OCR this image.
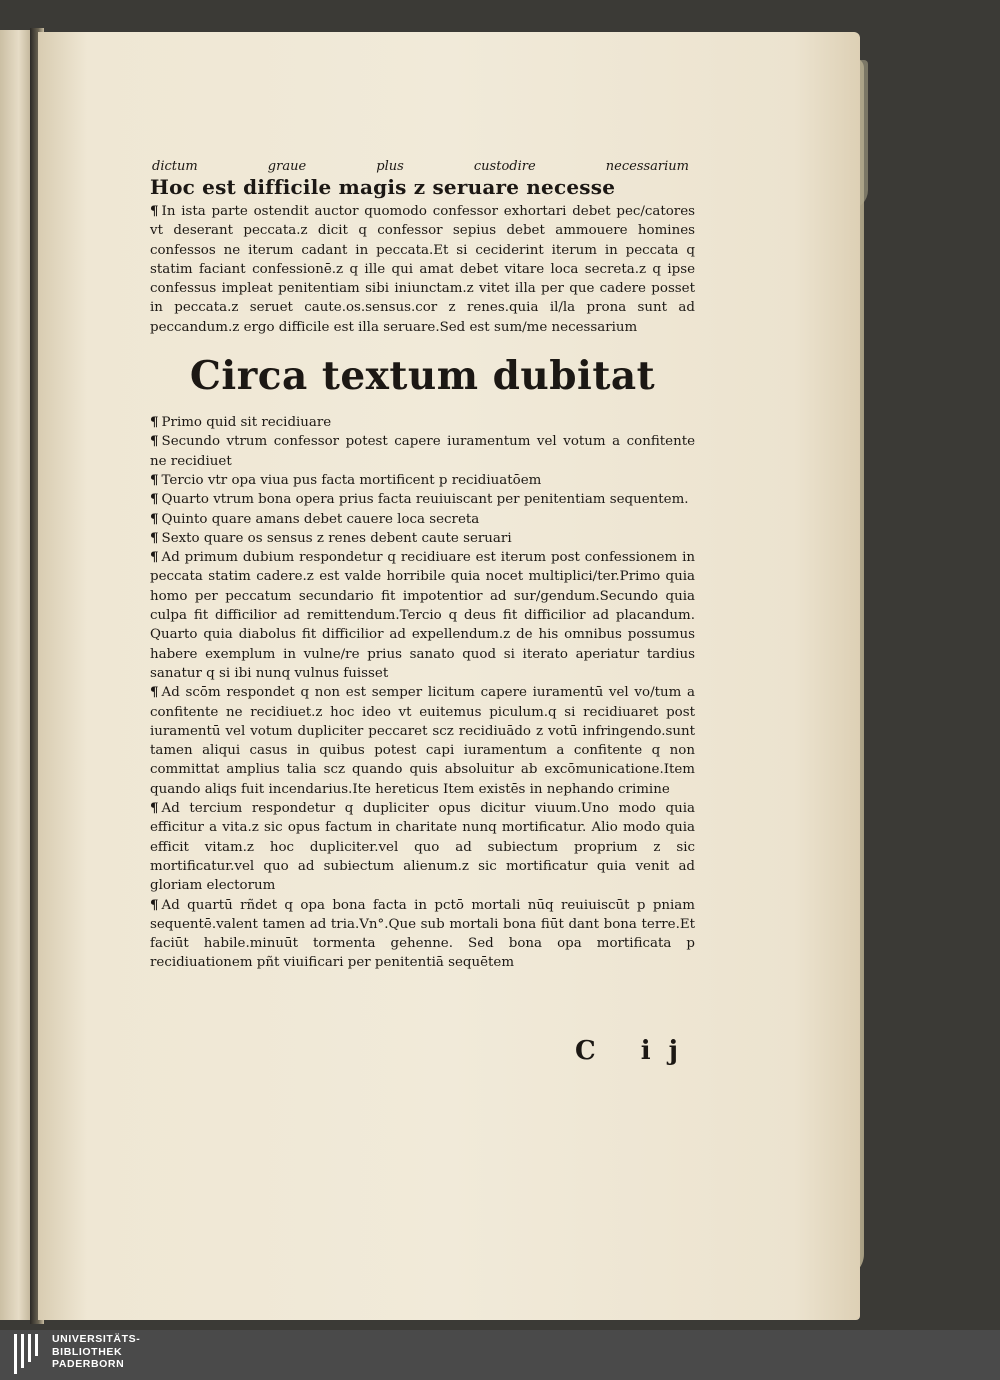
dictum	graue	plus	custodire	necessarium
Hoc est difficile magis z seruare necesse

¶ In ista parte ostendit auctor quomodo confessor exhortari debet pec/catores vt deserant peccata.z dicit q confessor sepius debet ammouere homines confessos ne iterum cadant in peccata.Et si ceciderint iterum in peccata q statim faciant confessionē.z q ille qui amat debet vitare loca secreta.z q ipse confessus impleat penitentiam sibi iniunctam.z vitet illa per que cadere posset in peccata.z seruet caute.os.sensus.cor z renes.quia il/la prona sunt ad peccandum.z ergo difficile est illa seruare.Sed est sum/me necessarium

Circa textum dubitat

¶ Primo quid sit recidiuare

¶ Secundo vtrum confessor potest capere iuramentum vel votum a confitente ne recidiuet

¶ Tercio vtr opa viua pus facta mortificent p recidiuatōem

¶ Quarto vtrum bona opera prius facta reuiuiscant per penitentiam sequentem.

¶ Quinto quare amans debet cauere loca secreta

¶ Sexto quare os sensus z renes debent caute seruari

¶ Ad primum dubium respondetur q recidiuare est iterum post confessionem in peccata statim cadere.z est valde horribile quia nocet multiplici/ter.Primo quia homo per peccatum secundario fit impotentior ad sur/gendum.Secundo quia culpa fit difficilior ad remittendum.Tercio q deus fit difficilior ad placandum. Quarto quia diabolus fit difficilior ad expellendum.z de his omnibus possumus habere exemplum in vulne/re prius sanato quod si iterato aperiatur tardius sanatur q si ibi nunq vulnus fuisset

¶ Ad scōm respondet q non est semper licitum capere iuramentū vel vo/tum a confitente ne recidiuet.z hoc ideo vt euitemus piculum.q si recidiuaret post iuramentū vel votum dupliciter peccaret scz recidiuādo z votū infringendo.sunt tamen aliqui casus in quibus potest capi iuramentum a confitente q non committat amplius talia scz quando quis absoluitur ab excōmunicatione.Item quando aliqs fuit incendarius.Ite hereticus Item existēs in nephando crimine

¶ Ad tercium respondetur q dupliciter opus dicitur viuum.Uno modo quia efficitur a vita.z sic opus factum in charitate nunq mortificatur. Alio modo quia efficit vitam.z hoc dupliciter.vel quo ad subiectum proprium z sic mortificatur.vel quo ad subiectum alienum.z sic mortificatur quia venit ad gloriam electorum

¶ Ad quartū rñdet q opa bona facta in pctō mortali nūq reuiuiscūt p pniam sequentē.valent tamen ad tria.Vn°.Que sub mortali bona fiūt dant bona terre.Et faciūt habile.minuūt tormenta gehenne. Sed bona opa mortificata p recidiuationem pñt viuificari per penitentiā sequētem

C ij
UNIVERSITÄTS-
BIBLIOTHEK
PADERBORN
